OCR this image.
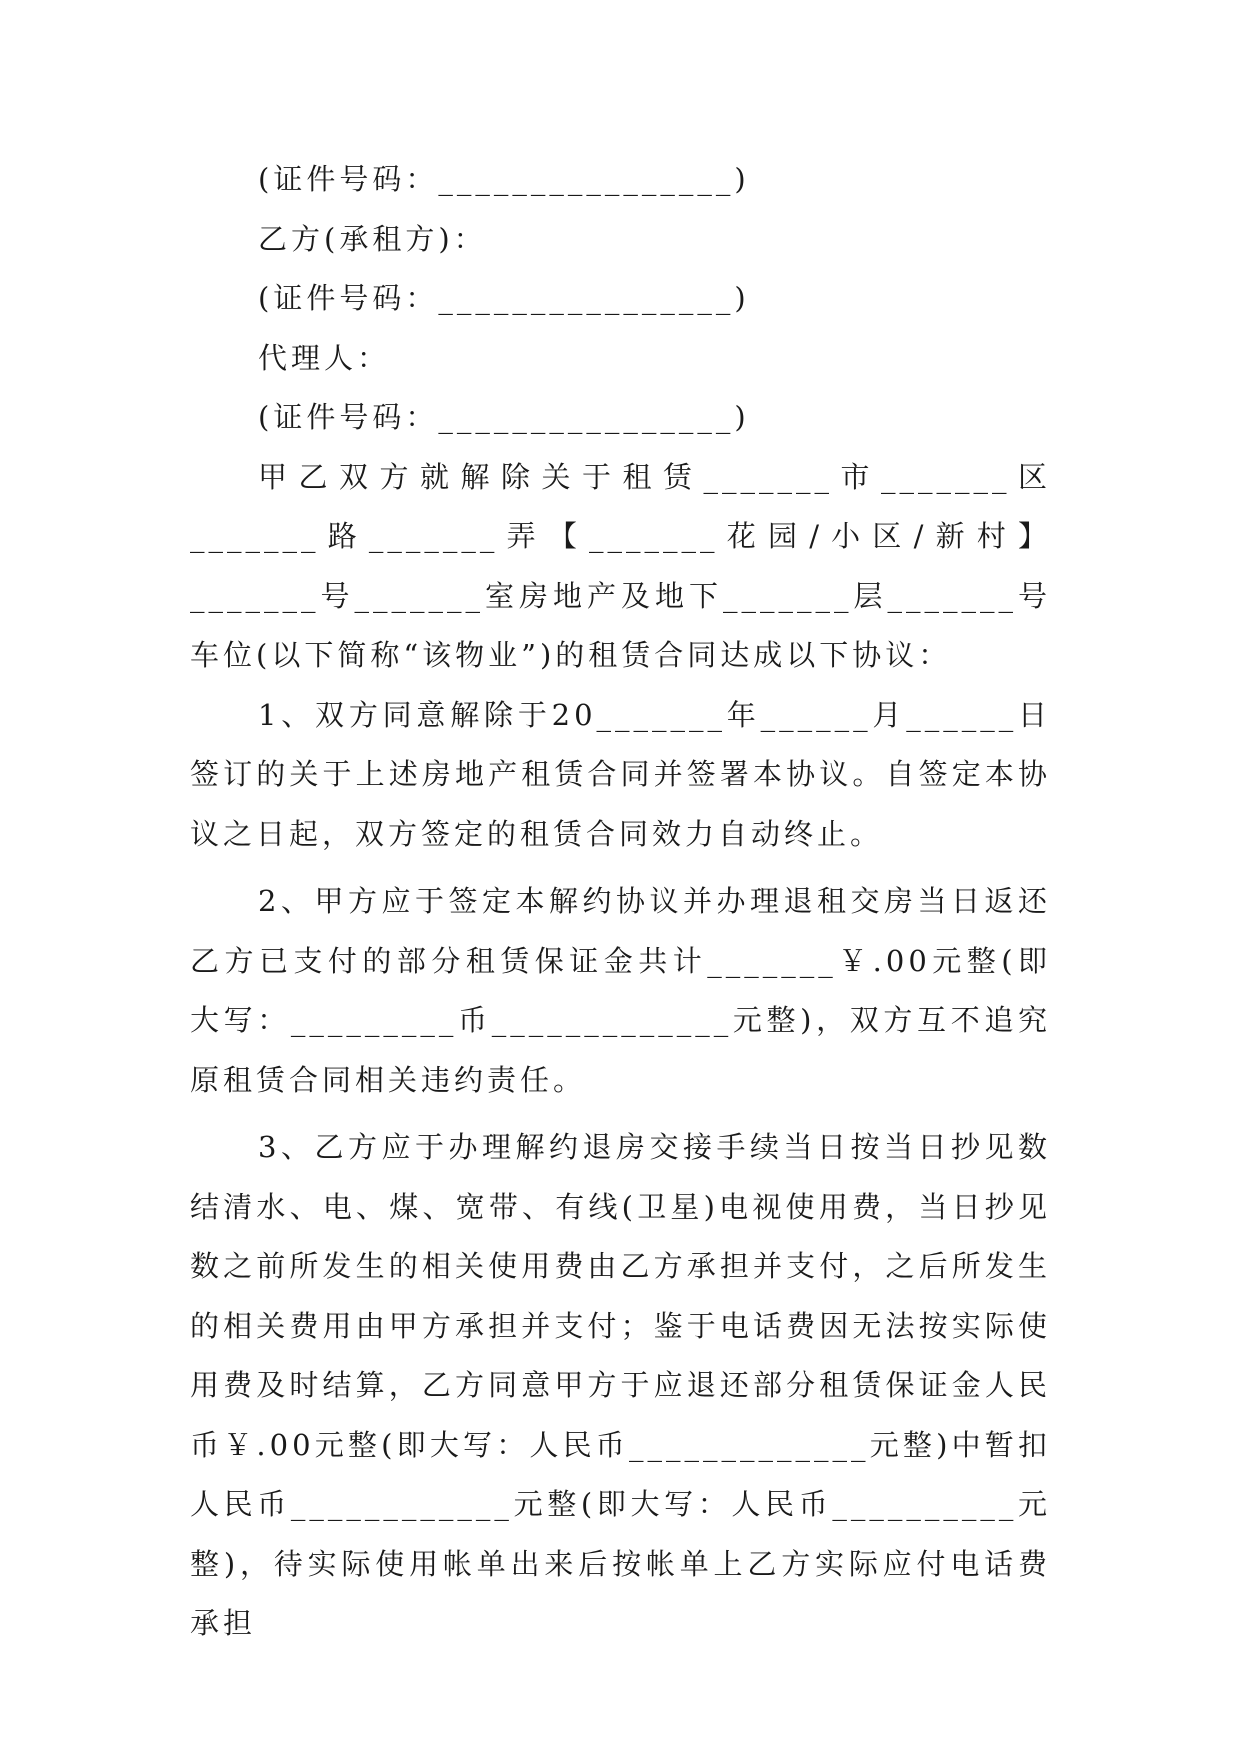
(证件号码：________________)
乙方(承租方)：
(证件号码：________________)
代理人：
(证件号码：________________)

甲乙双方就解除关于租赁_______市_______区_______路_______弄【_______花园/小区/新村】_______号_______室房地产及地下_______层_______号车位(以下简称“该物业”)的租赁合同达成以下协议：

1、双方同意解除于20_______年______月______日签订的关于上述房地产租赁合同并签署本协议。自签定本协议之日起，双方签定的租赁合同效力自动终止。

2、甲方应于签定本解约协议并办理退租交房当日返还乙方已支付的部分租赁保证金共计_______￥.00元整(即大写：_________币_____________元整)，双方互不追究原租赁合同相关违约责任。

3、乙方应于办理解约退房交接手续当日按当日抄见数结清水、电、煤、宽带、有线(卫星)电视使用费，当日抄见数之前所发生的相关使用费由乙方承担并支付，之后所发生的相关费用由甲方承担并支付；鉴于电话费因无法按实际使用费及时结算，乙方同意甲方于应退还部分租赁保证金人民币￥.00元整(即大写：人民币_____________元整)中暂扣人民币____________元整(即大写：人民币__________元整)，待实际使用帐单出来后按帐单上乙方实际应付电话费承担
